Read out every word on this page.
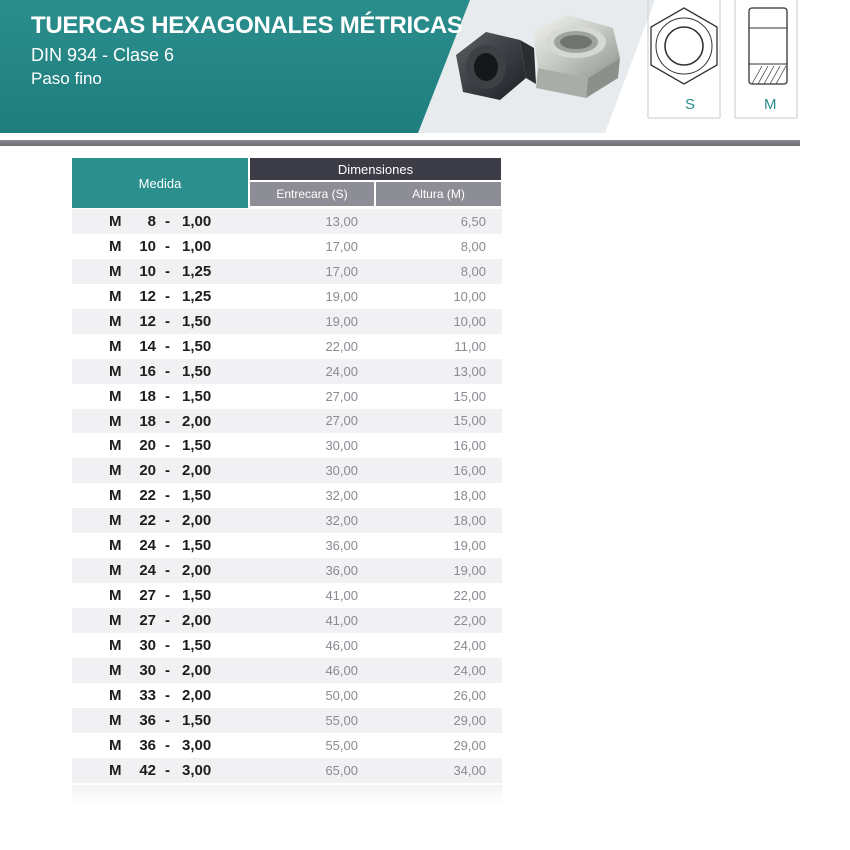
TUERCAS HEXAGONALES MÉTRICAS
DIN 934 - Clase 6
Paso fino
S	M
Medida
Dimensiones
Entrecara (S)	Altura (M)
M	8 - 1,00	13,00	6,50
M	10 - 1,00	17,00	8,00
M	10 - 1,25	17,00	8,00
M	12 - 1,25	19,00	10,00
M	12 - 1,50	19,00	10,00
M	14 - 1,50	22,00	11,00
M	16 - 1,50	24,00	13,00
M	18 - 1,50	27,00	15,00
M	18 - 2,00	27,00	15,00
M	20 - 1,50	30,00	16,00
M	20 - 2,00	30,00	16,00
M	22 - 1,50	32,00	18,00
M	22 - 2,00	32,00	18,00
M	24 - 1,50	36,00	19,00
M	24 - 2,00	36,00	19,00
M	27 - 1,50	41,00	22,00
M	27 - 2,00	41,00	22,00
M	30 - 1,50	46,00	24,00
M	30 - 2,00	46,00	24,00
M	33 - 2,00	50,00	26,00
M	36 - 1,50	55,00	29,00
M	36 - 3,00	55,00	29,00
M	42 - 3,00	65,00	34,00
